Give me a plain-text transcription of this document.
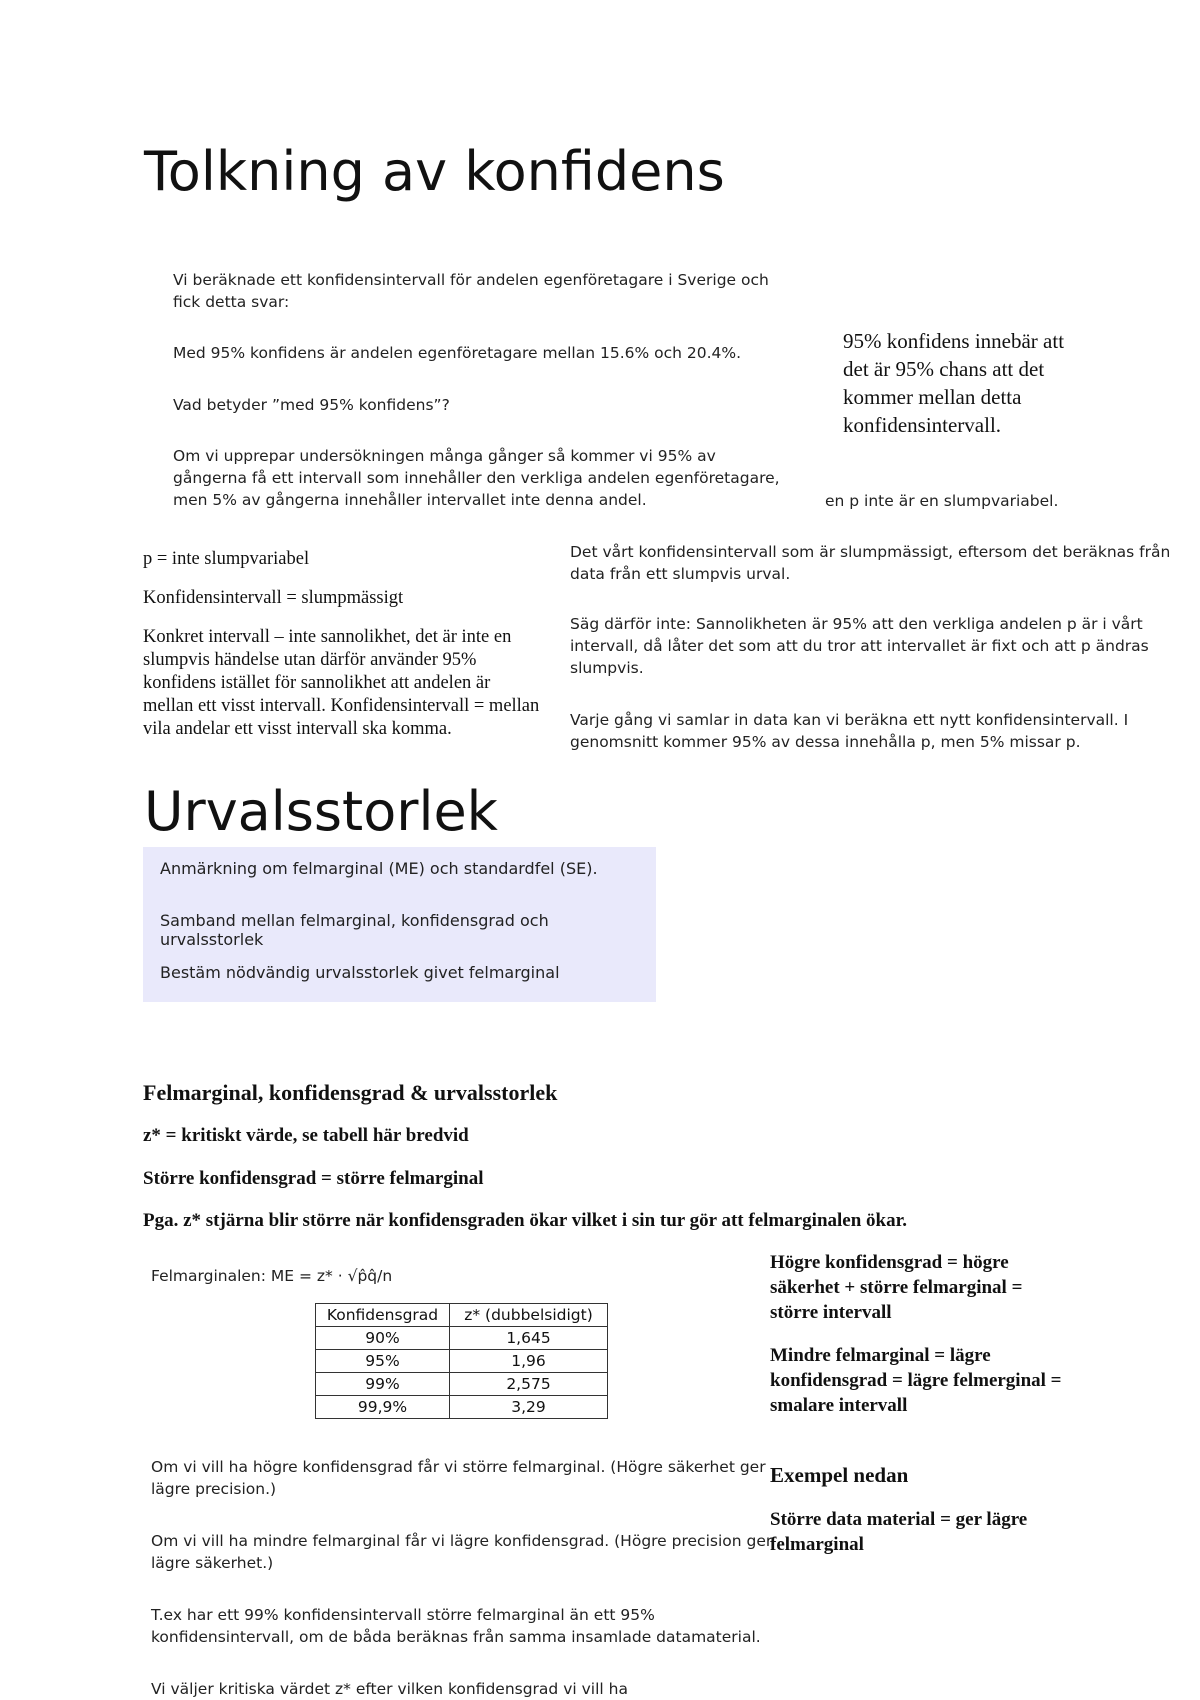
Tolkning av konfidens

Vi beräknade ett konfidensintervall för andelen egenföretagare i Sverige och fick detta svar:

Med 95% konfidens är andelen egenföretagare mellan 15.6% och 20.4%.

Vad betyder ”med 95% konfidens”?

Om vi upprepar undersökningen många gånger så kommer vi 95% av gångerna få ett intervall som innehåller den verkliga andelen egenföretagare, men 5% av gångerna innehåller intervallet inte denna andel.	en p inte är en slumpvariabel.

95% konfidens innebär att det är 95% chans att det kommer mellan detta konfidensintervall.

p = inte slumpvariabel

Konfidensintervall = slumpmässigt

Konkret intervall – inte sannolikhet, det är inte en slumpvis händelse utan därför använder 95% konfidens istället för sannolikhet att andelen är mellan ett visst intervall. Konfidensintervall = mellan vila andelar ett visst intervall ska komma.

Det vårt konfidensintervall som är slumpmässigt, eftersom det beräknas från data från ett slumpvis urval.

Säg därför inte: Sannolikheten är 95% att den verkliga andelen p är i vårt intervall, då låter det som att du tror att intervallet är fixt och att p ändras slumpvis.

Varje gång vi samlar in data kan vi beräkna ett nytt konfidensintervall. I genomsnitt kommer 95% av dessa innehålla p, men 5% missar p.

Urvalsstorlek
Anmärkning om felmarginal (ME) och standardfel (SE).
Samband mellan felmarginal, konfidensgrad och urvalsstorlek
Bestäm nödvändig urvalsstorlek givet felmarginal
Felmarginal, konfidensgrad & urvalsstorlek

z* = kritiskt värde, se tabell här bredvid

Större konfidensgrad = större felmarginal

Pga. z* stjärna blir större när konfidensgraden ökar vilket i sin tur gör att felmarginalen ökar.

Felmarginalen: ME = z* · √p̂q̂/n

Konfidensgrad	z* (dubbelsidigt)
90%	1,645
95%	1,96
99%	2,575
99,9%	3,29

Om vi vill ha högre konfidensgrad får vi större felmarginal. (Högre säkerhet ger lägre precision.)

Om vi vill ha mindre felmarginal får vi lägre konfidensgrad. (Högre precision ger lägre säkerhet.)

T.ex har ett 99% konfidensintervall större felmarginal än ett 95% konfidensintervall, om de båda beräknas från samma insamlade datamaterial.

Vi väljer kritiska värdet z* efter vilken konfidensgrad vi vill ha

Högre konfidensgrad = högre säkerhet + större felmarginal = större intervall

Mindre felmarginal = lägre konfidensgrad = lägre felmerginal = smalare intervall

Exempel nedan

Större data material = ger lägre felmarginal
